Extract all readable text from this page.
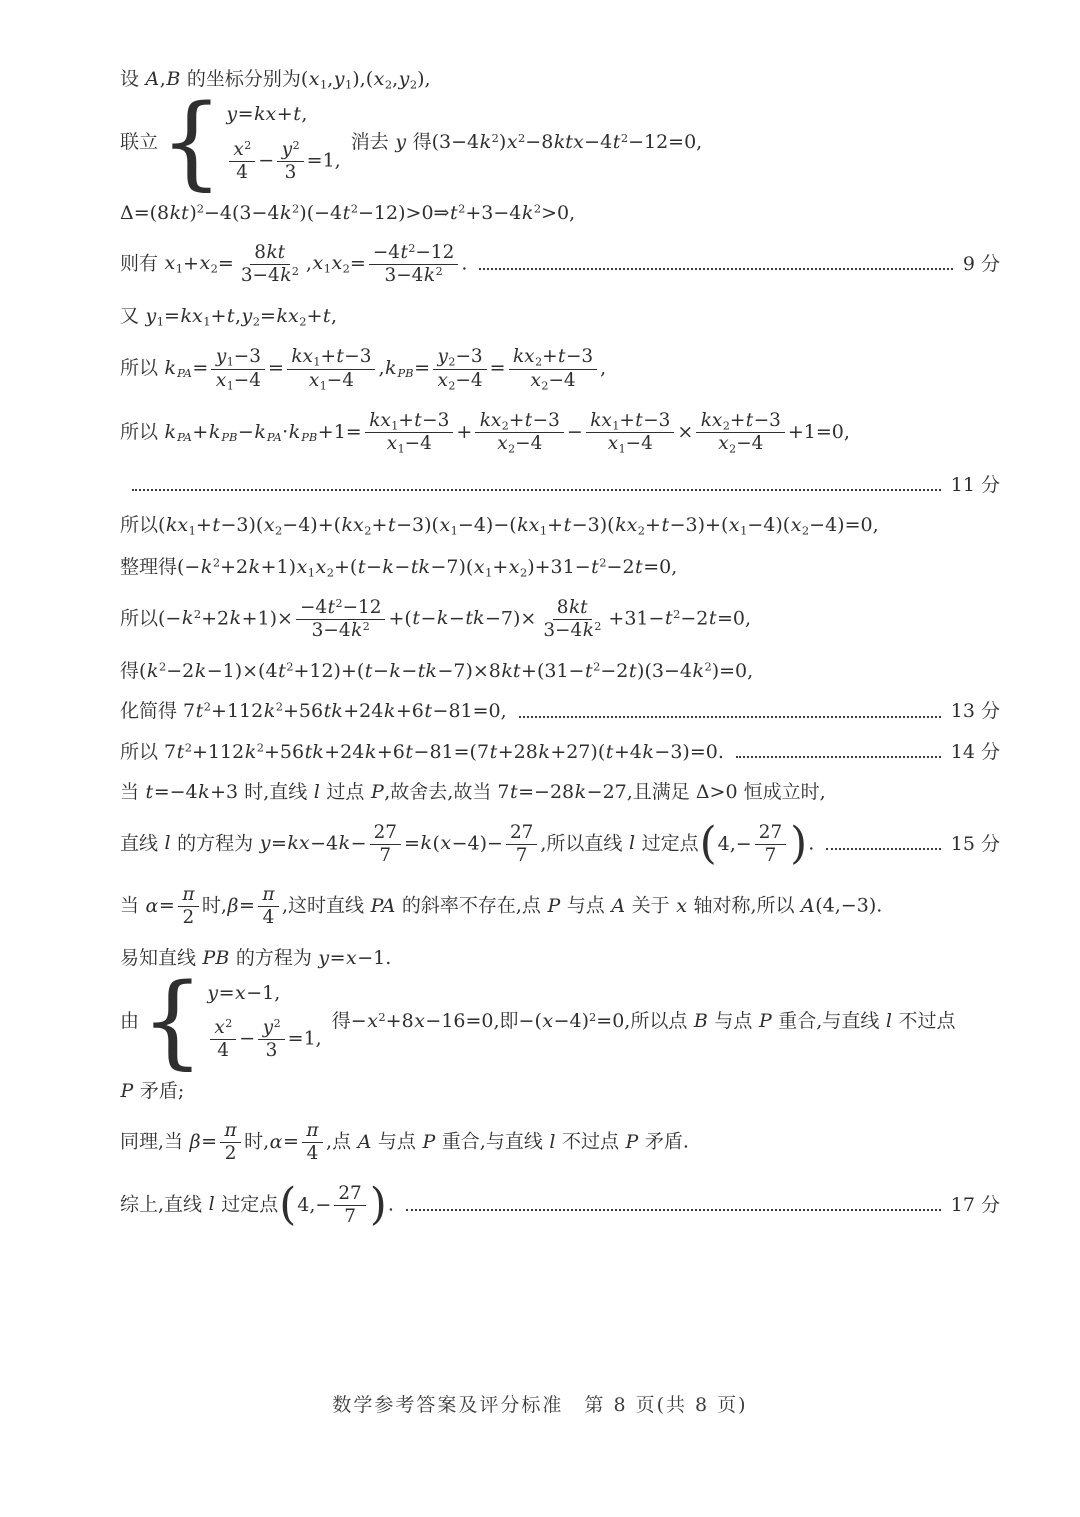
设 A,B 的坐标分别为$(x_1,y_1),(x_2,y_2)$,
联立 { y=kx+t,
$\frac{x^2}{4} - \frac{y^2}{3} =1$,
消去 y 得$(3-4k^2)x^2-8ktx-4t^2-12=0$,
$\Delta=(8kt)^2-4(3-4k^2)(-4t^2-12)>0\Rightarrow t^2+3-4k^2>0$,
则有 $x_1+x_2= \frac{8kt}{3-4k^2} ,x_1x_2= \frac{-4t^2-12}{3-4k^2}$ .	9 分
又 $y_1=kx_1+t,y_2=kx_2+t$,
所以 $k_{PA}= \frac{y_1-3}{x_1-4} = \frac{kx_1+t-3}{x_1-4} ,k_{PB}= \frac{y_2-3}{x_2-4} = \frac{kx_2+t-3}{x_2-4}$ ,
所以 $k_{PA}+k_{PB}-k_{PA}\cdot k_{PB}+1= \frac{kx_1+t-3}{x_1-4} + \frac{kx_2+t-3}{x_2-4} - \frac{kx_1+t-3}{x_1-4} \times \frac{kx_2+t-3}{x_2-4} +1=0$,
11 分
所以$(kx_1+t-3)(x_2-4)+(kx_2+t-3)(x_1-4)-(kx_1+t-3)(kx_2+t-3)+(x_1-4)(x_2-4)=0$,
整理得$(-k^2+2k+1)x_1x_2+(t-k-tk-7)(x_1+x_2)+31-t^2-2t=0$,
所以$(-k^2+2k+1)\times \frac{-4t^2-12}{3-4k^2} +(t-k-tk-7)\times \frac{8kt}{3-4k^2} +31-t^2-2t=0$,
得$(k^2-2k-1)\times(4t^2+12)+(t-k-tk-7)\times 8kt+(31-t^2-2t)(3-4k^2)=0$,
化简得 $7t^2+112k^2+56tk+24k+6t-81=0$,	13 分
所以 $7t^2+112k^2+56tk+24k+6t-81=(7t+28k+27)(t+4k-3)=0$.	14 分
当 t=−4k+3 时,直线 l 过点 P,故舍去,故当 7t=−28k−27,且满足 Δ>0 恒成立时,
直线 l 的方程为 $y=kx-4k- \frac{27}{7} =k(x-4)- \frac{27}{7}$ ,所以直线 l 过定点 ( $4,- \frac{27}{7}$ ) .	15 分
当 $\alpha= \frac{\pi}{2}$ 时$,\beta= \frac{\pi}{4}$ ,这时直线 PA 的斜率不存在,点 P 与点 A 关于 x 轴对称,所以 A(4,−3).
易知直线 PB 的方程为 y=x−1.
由 { y=x−1,
$\frac{x^2}{4} - \frac{y^2}{3} =1$,
得$-x^2+8x-16=0$,即$-(x-4)^2=0$,所以点 B 与点 P 重合,与直线 l 不过点
P 矛盾;
同理,当 $\beta= \frac{\pi}{2}$ 时$,\alpha= \frac{\pi}{4}$ ,点 A 与点 P 重合,与直线 l 不过点 P 矛盾.
综上,直线 l 过定点 ( $4,- \frac{27}{7}$ ) .	17 分
数学参考答案及评分标准　第 8 页(共 8 页)
